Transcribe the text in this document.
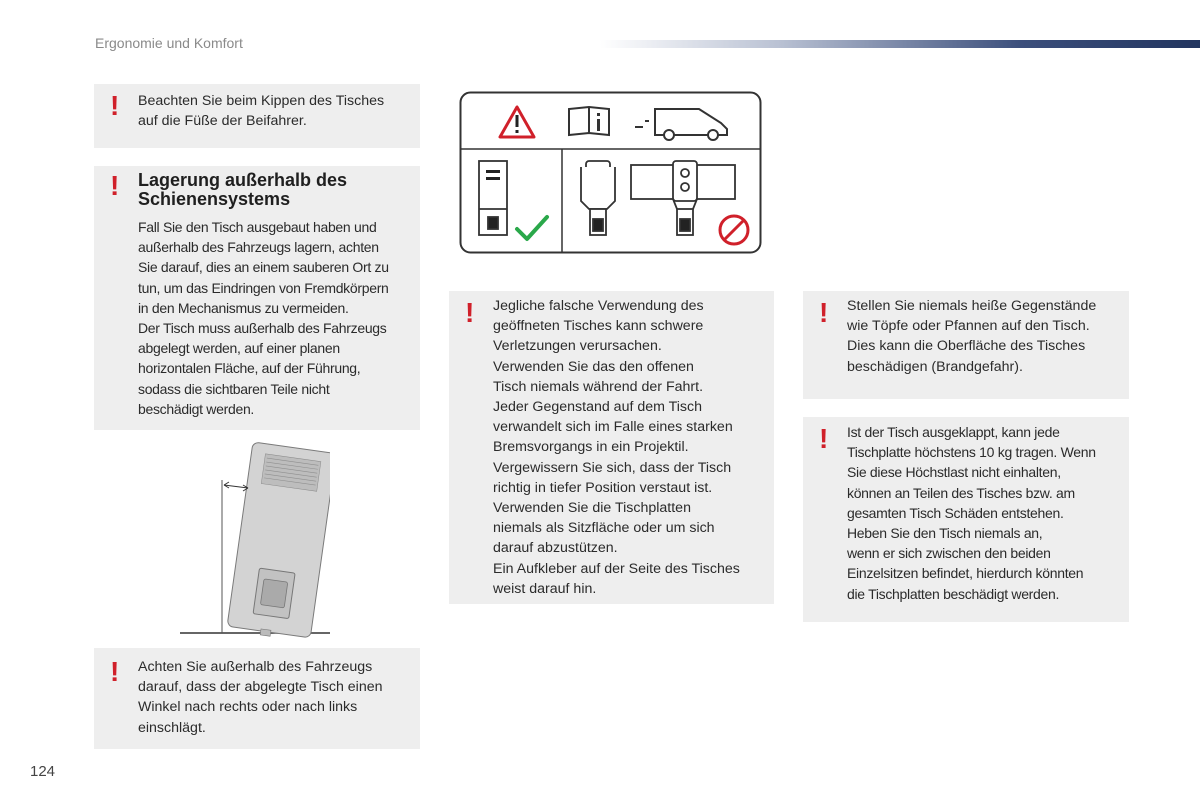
Ergonomie und Komfort
! Beachten Sie beim Kippen des Tisches
auf die Füße der Beifahrer.
! Lagerung außerhalb des
Schienensystems
Fall Sie den Tisch ausgebaut haben und
außerhalb des Fahrzeugs lagern, achten
Sie darauf, dies an einem sauberen Ort zu
tun, um das Eindringen von Fremdkörpern
in den Mechanismus zu vermeiden.
Der Tisch muss außerhalb des Fahrzeugs
abgelegt werden, auf einer planen
horizontalen Fläche, auf der Führung,
sodass die sichtbaren Teile nicht
beschädigt werden.
! Achten Sie außerhalb des Fahrzeugs
darauf, dass der abgelegte Tisch einen
Winkel nach rechts oder nach links
einschlägt.
! Jegliche falsche Verwendung des
geöffneten Tisches kann schwere
Verletzungen verursachen.
Verwenden Sie das den offenen
Tisch niemals während der Fahrt.
Jeder Gegenstand auf dem Tisch
verwandelt sich im Falle eines starken
Bremsvorgangs in ein Projektil.
Vergewissern Sie sich, dass der Tisch
richtig in tiefer Position verstaut ist.
Verwenden Sie die Tischplatten
niemals als Sitzfläche oder um sich
darauf abzustützen.
Ein Aufkleber auf der Seite des Tisches
weist darauf hin.
! Stellen Sie niemals heiße Gegenstände
wie Töpfe oder Pfannen auf den Tisch.
Dies kann die Oberfläche des Tisches
beschädigen (Brandgefahr).
! Ist der Tisch ausgeklappt, kann jede
Tischplatte höchstens 10 kg tragen. Wenn
Sie diese Höchstlast nicht einhalten,
können an Teilen des Tisches bzw. am
gesamten Tisch Schäden entstehen.
Heben Sie den Tisch niemals an,
wenn er sich zwischen den beiden
Einzelsitzen befindet, hierdurch könnten
die Tischplatten beschädigt werden.
124
